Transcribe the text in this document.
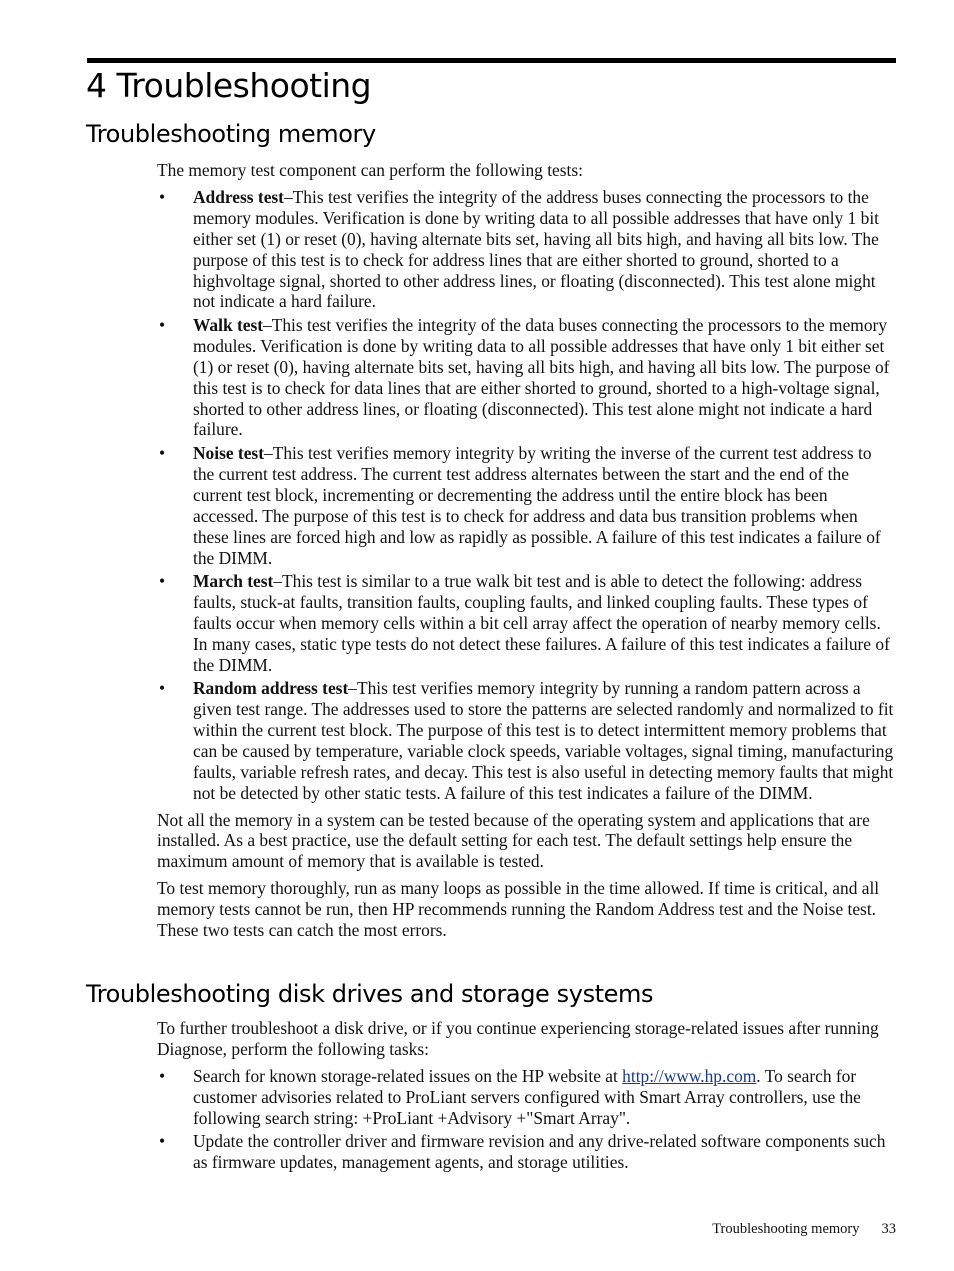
4 Troubleshooting
Troubleshooting memory

The memory test component can perform the following tests:

• Address test–This test verifies the integrity of the address buses connecting the processors to the memory modules. Verification is done by writing data to all possible addresses that have only 1 bit either set (1) or reset (0), having alternate bits set, having all bits high, and having all bits low. The purpose of this test is to check for address lines that are either shorted to ground, shorted to a highvoltage signal, shorted to other address lines, or floating (disconnected). This test alone might not indicate a hard failure.
• Walk test–This test verifies the integrity of the data buses connecting the processors to the memory modules. Verification is done by writing data to all possible addresses that have only 1 bit either set (1) or reset (0), having alternate bits set, having all bits high, and having all bits low. The purpose of this test is to check for data lines that are either shorted to ground, shorted to a high-voltage signal, shorted to other address lines, or floating (disconnected). This test alone might not indicate a hard failure.
• Noise test–This test verifies memory integrity by writing the inverse of the current test address to the current test address. The current test address alternates between the start and the end of the current test block, incrementing or decrementing the address until the entire block has been accessed. The purpose of this test is to check for address and data bus transition problems when these lines are forced high and low as rapidly as possible. A failure of this test indicates a failure of the DIMM.
• March test–This test is similar to a true walk bit test and is able to detect the following: address faults, stuck-at faults, transition faults, coupling faults, and linked coupling faults. These types of faults occur when memory cells within a bit cell array affect the operation of nearby memory cells. In many cases, static type tests do not detect these failures. A failure of this test indicates a failure of the DIMM.
• Random address test–This test verifies memory integrity by running a random pattern across a given test range. The addresses used to store the patterns are selected randomly and normalized to fit within the current test block. The purpose of this test is to detect intermittent memory problems that can be caused by temperature, variable clock speeds, variable voltages, signal timing, manufacturing faults, variable refresh rates, and decay. This test is also useful in detecting memory faults that might not be detected by other static tests. A failure of this test indicates a failure of the DIMM.

Not all the memory in a system can be tested because of the operating system and applications that are installed. As a best practice, use the default setting for each test. The default settings help ensure the maximum amount of memory that is available is tested.

To test memory thoroughly, run as many loops as possible in the time allowed. If time is critical, and all memory tests cannot be run, then HP recommends running the Random Address test and the Noise test. These two tests can catch the most errors.

Troubleshooting disk drives and storage systems

To further troubleshoot a disk drive, or if you continue experiencing storage-related issues after running Diagnose, perform the following tasks:

• Search for known storage-related issues on the HP website at http://www.hp.com. To search for customer advisories related to ProLiant servers configured with Smart Array controllers, use the following search string: +ProLiant +Advisory +"Smart Array".
• Update the controller driver and firmware revision and any drive-related software components such as firmware updates, management agents, and storage utilities.
Troubleshooting memory 33
